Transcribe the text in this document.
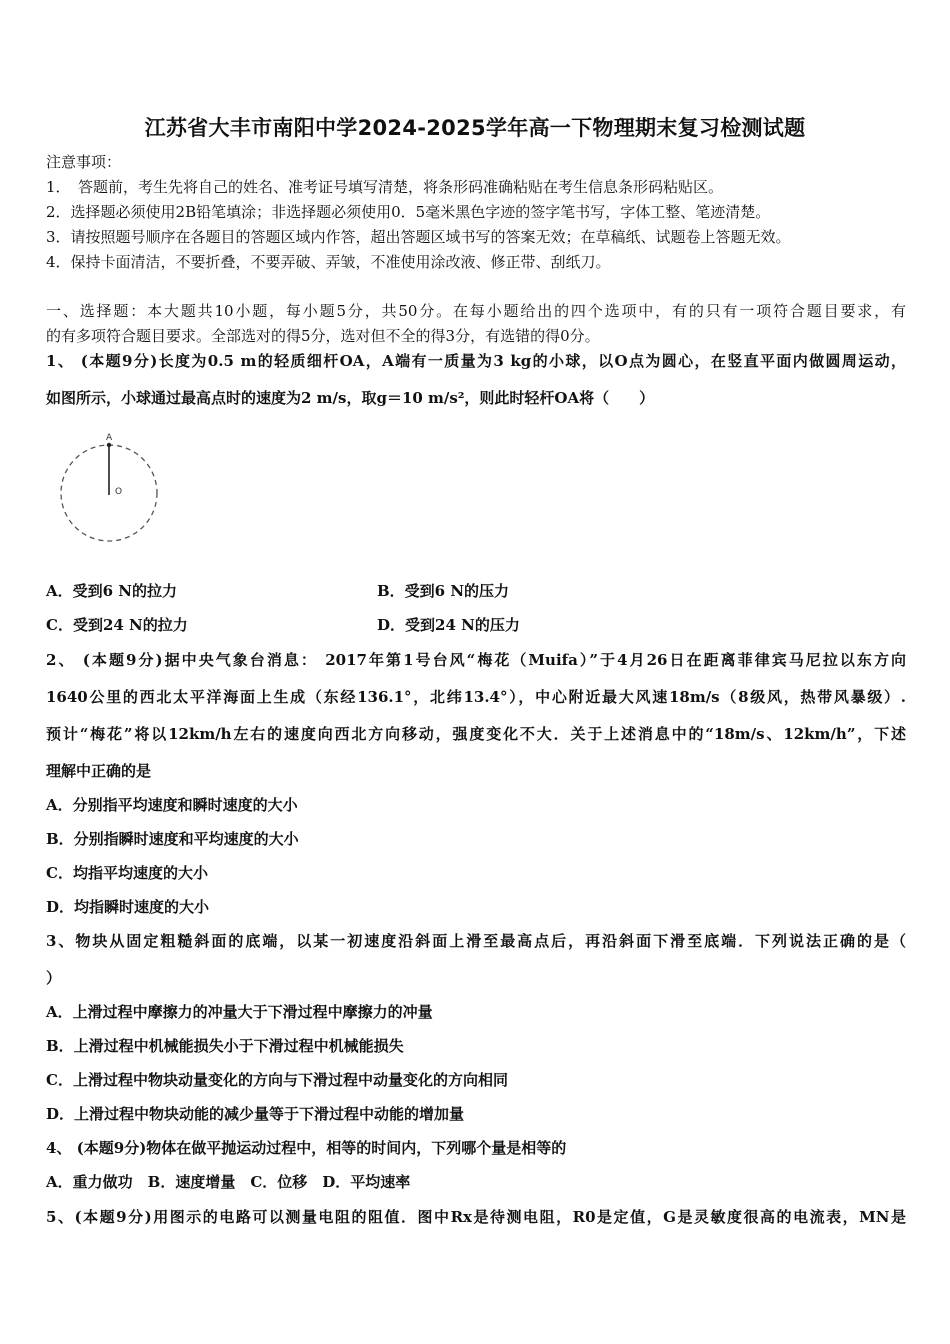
江苏省大丰市南阳中学2024-2025学年高一下物理期末复习检测试题
注意事项：
1．　答题前，考生先将自己的姓名、准考证号填写清楚，将条形码准确粘贴在考生信息条形码粘贴区。
2．选择题必须使用2B铅笔填涂；非选择题必须使用0．5毫米黑色字迹的签字笔书写，字体工整、笔迹清楚。
3．请按照题号顺序在各题目的答题区域内作答，超出答题区域书写的答案无效；在草稿纸、试题卷上答题无效。
4．保持卡面清洁，不要折叠，不要弄破、弄皱，不准使用涂改液、修正带、刮纸刀。
一、选择题：本大题共10小题，每小题5分，共50分。在每小题给出的四个选项中，有的只有一项符合题目要求，有
的有多项符合题目要求。全部选对的得5分，选对但不全的得3分，有选错的得0分。
1、 (本题9分)长度为0.5 m的轻质细杆OA，A端有一质量为3 kg的小球，以O点为圆心，在竖直平面内做圆周运动，
如图所示，小球通过最高点时的速度为2 m/s，取g＝10 m/s²，则此时轻杆OA将（　　）
A
O
A．受到6 N的拉力	B．受到6 N的压力
C．受到24 N的拉力	D．受到24 N的压力
2、 (本题9分)据中央气象台消息： 2017年第1号台风“梅花（Muifa）”于4月26日在距离菲律宾马尼拉以东方向
1640公里的西北太平洋海面上生成（东经136.1°，北纬13.4°），中心附近最大风速18m/s（8级风，热带风暴级）.
预计“梅花”将以12km/h左右的速度向西北方向移动，强度变化不大．关于上述消息中的“18m/s、12km/h”，下述
理解中正确的是
A．分别指平均速度和瞬时速度的大小
B．分别指瞬时速度和平均速度的大小
C．均指平均速度的大小
D．均指瞬时速度的大小
3、物块从固定粗糙斜面的底端，以某一初速度沿斜面上滑至最高点后，再沿斜面下滑至底端．下列说法正确的是（
）
A．上滑过程中摩擦力的冲量大于下滑过程中摩擦力的冲量
B．上滑过程中机械能损失小于下滑过程中机械能损失
C．上滑过程中物块动量变化的方向与下滑过程中动量变化的方向相同
D．上滑过程中物块动能的减少量等于下滑过程中动能的增加量
4、 (本题9分)物体在做平抛运动过程中，相等的时间内，下列哪个量是相等的
A．重力做功　B．速度增量　C．位移　D．平均速率
5、(本题9分)用图示的电路可以测量电阻的阻值．图中Rx是待测电阻，R0是定值，G是灵敏度很高的电流表，MN是
